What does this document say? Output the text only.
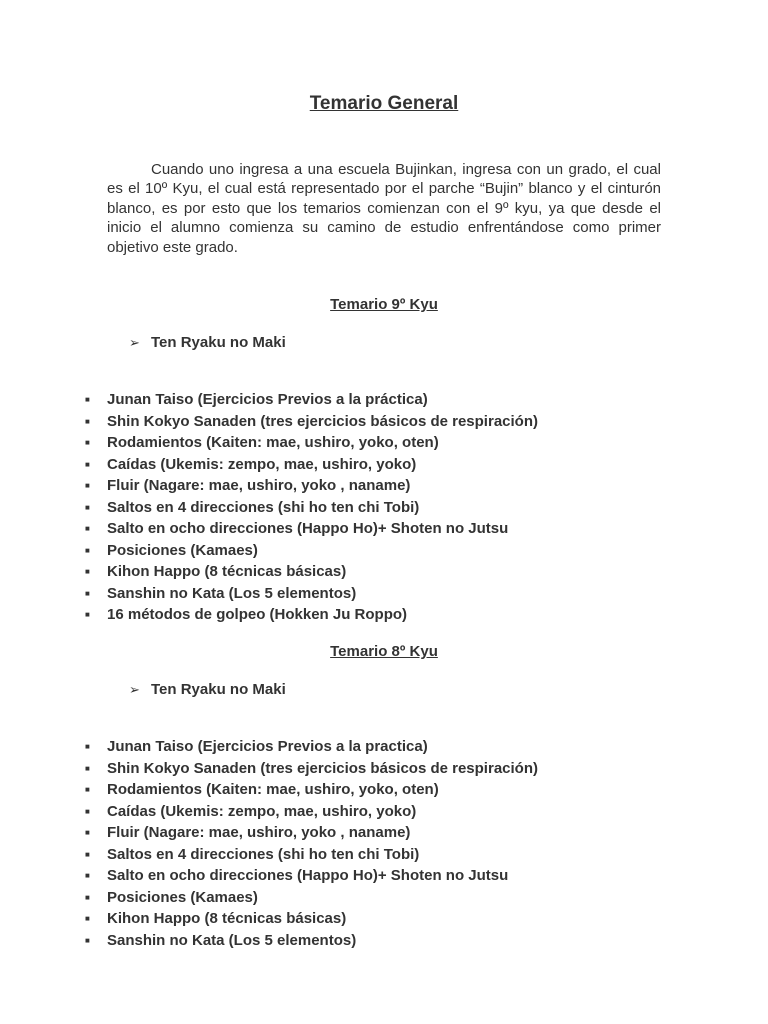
Temario General

Cuando uno ingresa a una escuela Bujinkan, ingresa con un grado, el cual es el 10º Kyu, el cual está representado por el parche “Bujin” blanco y el cinturón blanco, es por esto que los temarios comienzan con el 9º kyu, ya que desde el inicio el alumno comienza su camino de estudio enfrentándose como primer objetivo este grado.

Temario 9º Kyu
➢ Ten Ryaku no Maki
■	Junan Taiso (Ejercicios Previos a la práctica)
■	Shin Kokyo Sanaden (tres ejercicios básicos de respiración)
■	Rodamientos (Kaiten: mae, ushiro, yoko, oten)
■	Caídas (Ukemis: zempo, mae, ushiro, yoko)
■	Fluir (Nagare: mae, ushiro, yoko , naname)
■	Saltos en 4 direcciones (shi ho ten chi Tobi)
■	Salto en ocho direcciones (Happo Ho)+ Shoten no Jutsu
■	Posiciones (Kamaes)
■	Kihon Happo (8 técnicas básicas)
■	Sanshin no Kata (Los 5 elementos)
■	16 métodos de golpeo (Hokken Ju Roppo)
Temario 8º Kyu
➢ Ten Ryaku no Maki
■	Junan Taiso (Ejercicios Previos a la practica)
■	Shin Kokyo Sanaden (tres ejercicios básicos de respiración)
■	Rodamientos (Kaiten: mae, ushiro, yoko, oten)
■	Caídas (Ukemis: zempo, mae, ushiro, yoko)
■	Fluir (Nagare: mae, ushiro, yoko , naname)
■	Saltos en 4 direcciones (shi ho ten chi Tobi)
■	Salto en ocho direcciones (Happo Ho)+ Shoten no Jutsu
■	Posiciones (Kamaes)
■	Kihon Happo (8 técnicas básicas)
■	Sanshin no Kata (Los 5 elementos)
